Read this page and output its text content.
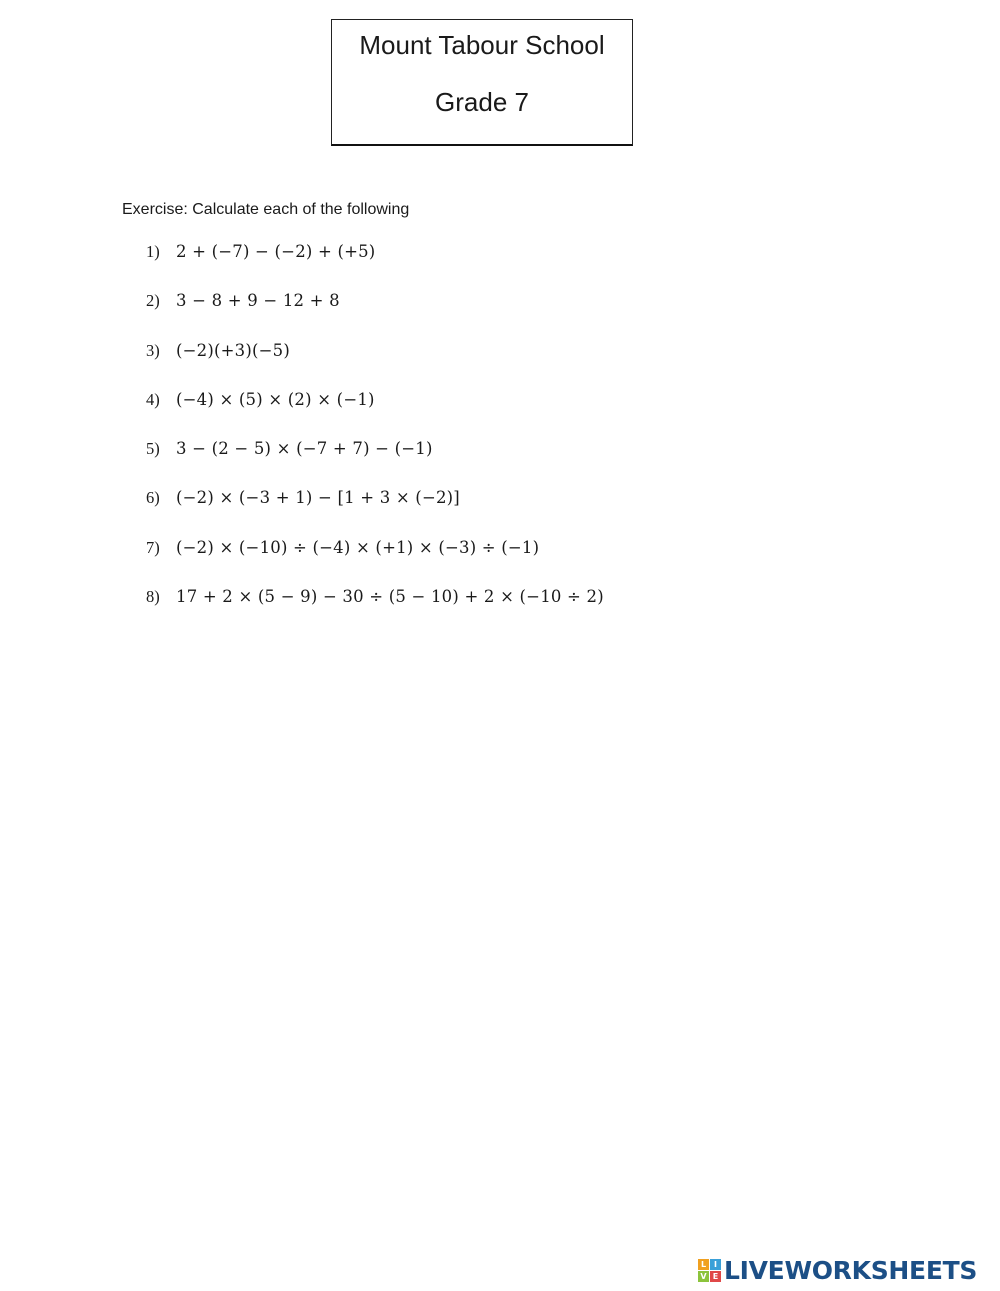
Mount Tabour School
Grade 7
Exercise: Calculate each of the following
1) 2 + (−7) − (−2) + (+5)
2) 3 − 8 + 9 − 12 + 8
3) (−2)(+3)(−5)
4) (−4) × (5) × (2) × (−1)
5) 3 − (2 − 5) × (−7 + 7) − (−1)
6) (−2) × (−3 + 1) − [1 + 3 × (−2)]
7) (−2) × (−10) ÷ (−4) × (+1) × (−3) ÷ (−1)
8) 17 + 2 × (5 − 9) − 30 ÷ (5 − 10) + 2 × (−10 ÷ 2)
L I
V E LIVEWORKSHEETS
